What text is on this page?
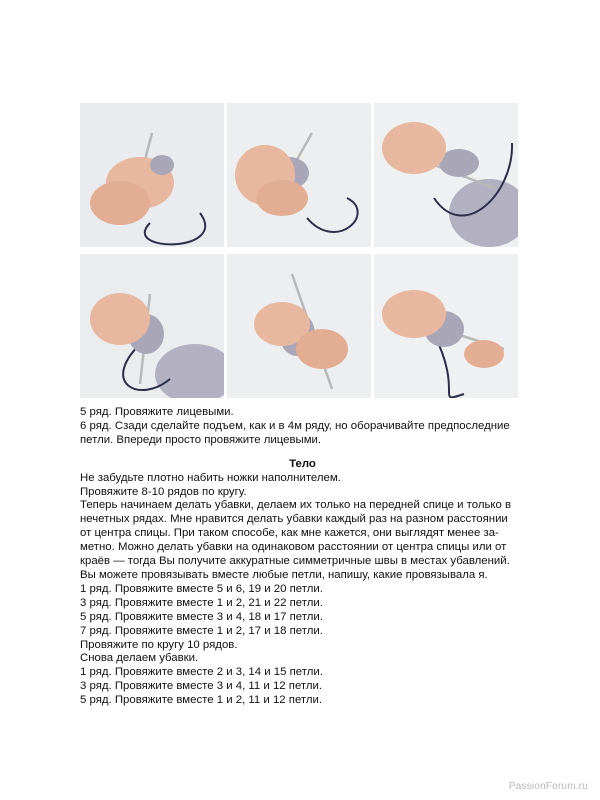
5 ряд. Провяжите лицевыми.
6 ряд. Сзади сделайте подъем, как и в 4м ряду, но оборачивайте предпоследние
петли. Впереди просто провяжите лицевыми.
Тело
Не забудьте плотно набить ножки наполнителем.
Провяжите 8-10 рядов по кругу.
Теперь начинаем делать убавки, делаем их только на передней спице и только в
нечетных рядах. Мне нравится делать убавки каждый раз на разном расстоянии
от центра спицы. При таком способе, как мне кажется, они выглядят менее за-
метно. Можно делать убавки на одинаковом расстоянии от центра спицы или от
краёв — тогда Вы получите аккуратные симметричные швы в местах убавлений.
Вы можете провязывать вместе любые петли, напишу, какие провязывала я.
1 ряд. Провяжите вместе 5 и 6, 19 и 20 петли.
3 ряд. Провяжите вместе 1 и 2, 21 и 22 петли.
5 ряд. Провяжите вместе 3 и 4, 18 и 17 петли.
7 ряд. Провяжите вместе 1 и 2, 17 и 18 петли.
Провяжите по кругу 10 рядов.
Снова делаем убавки.
1 ряд. Провяжите вместе 2 и 3, 14 и 15 петли.
3 ряд. Провяжите вместе 3 и 4, 11 и 12 петли.
5 ряд. Провяжите вместе 1 и 2, 11 и 12 петли.
PassionForum.ru
